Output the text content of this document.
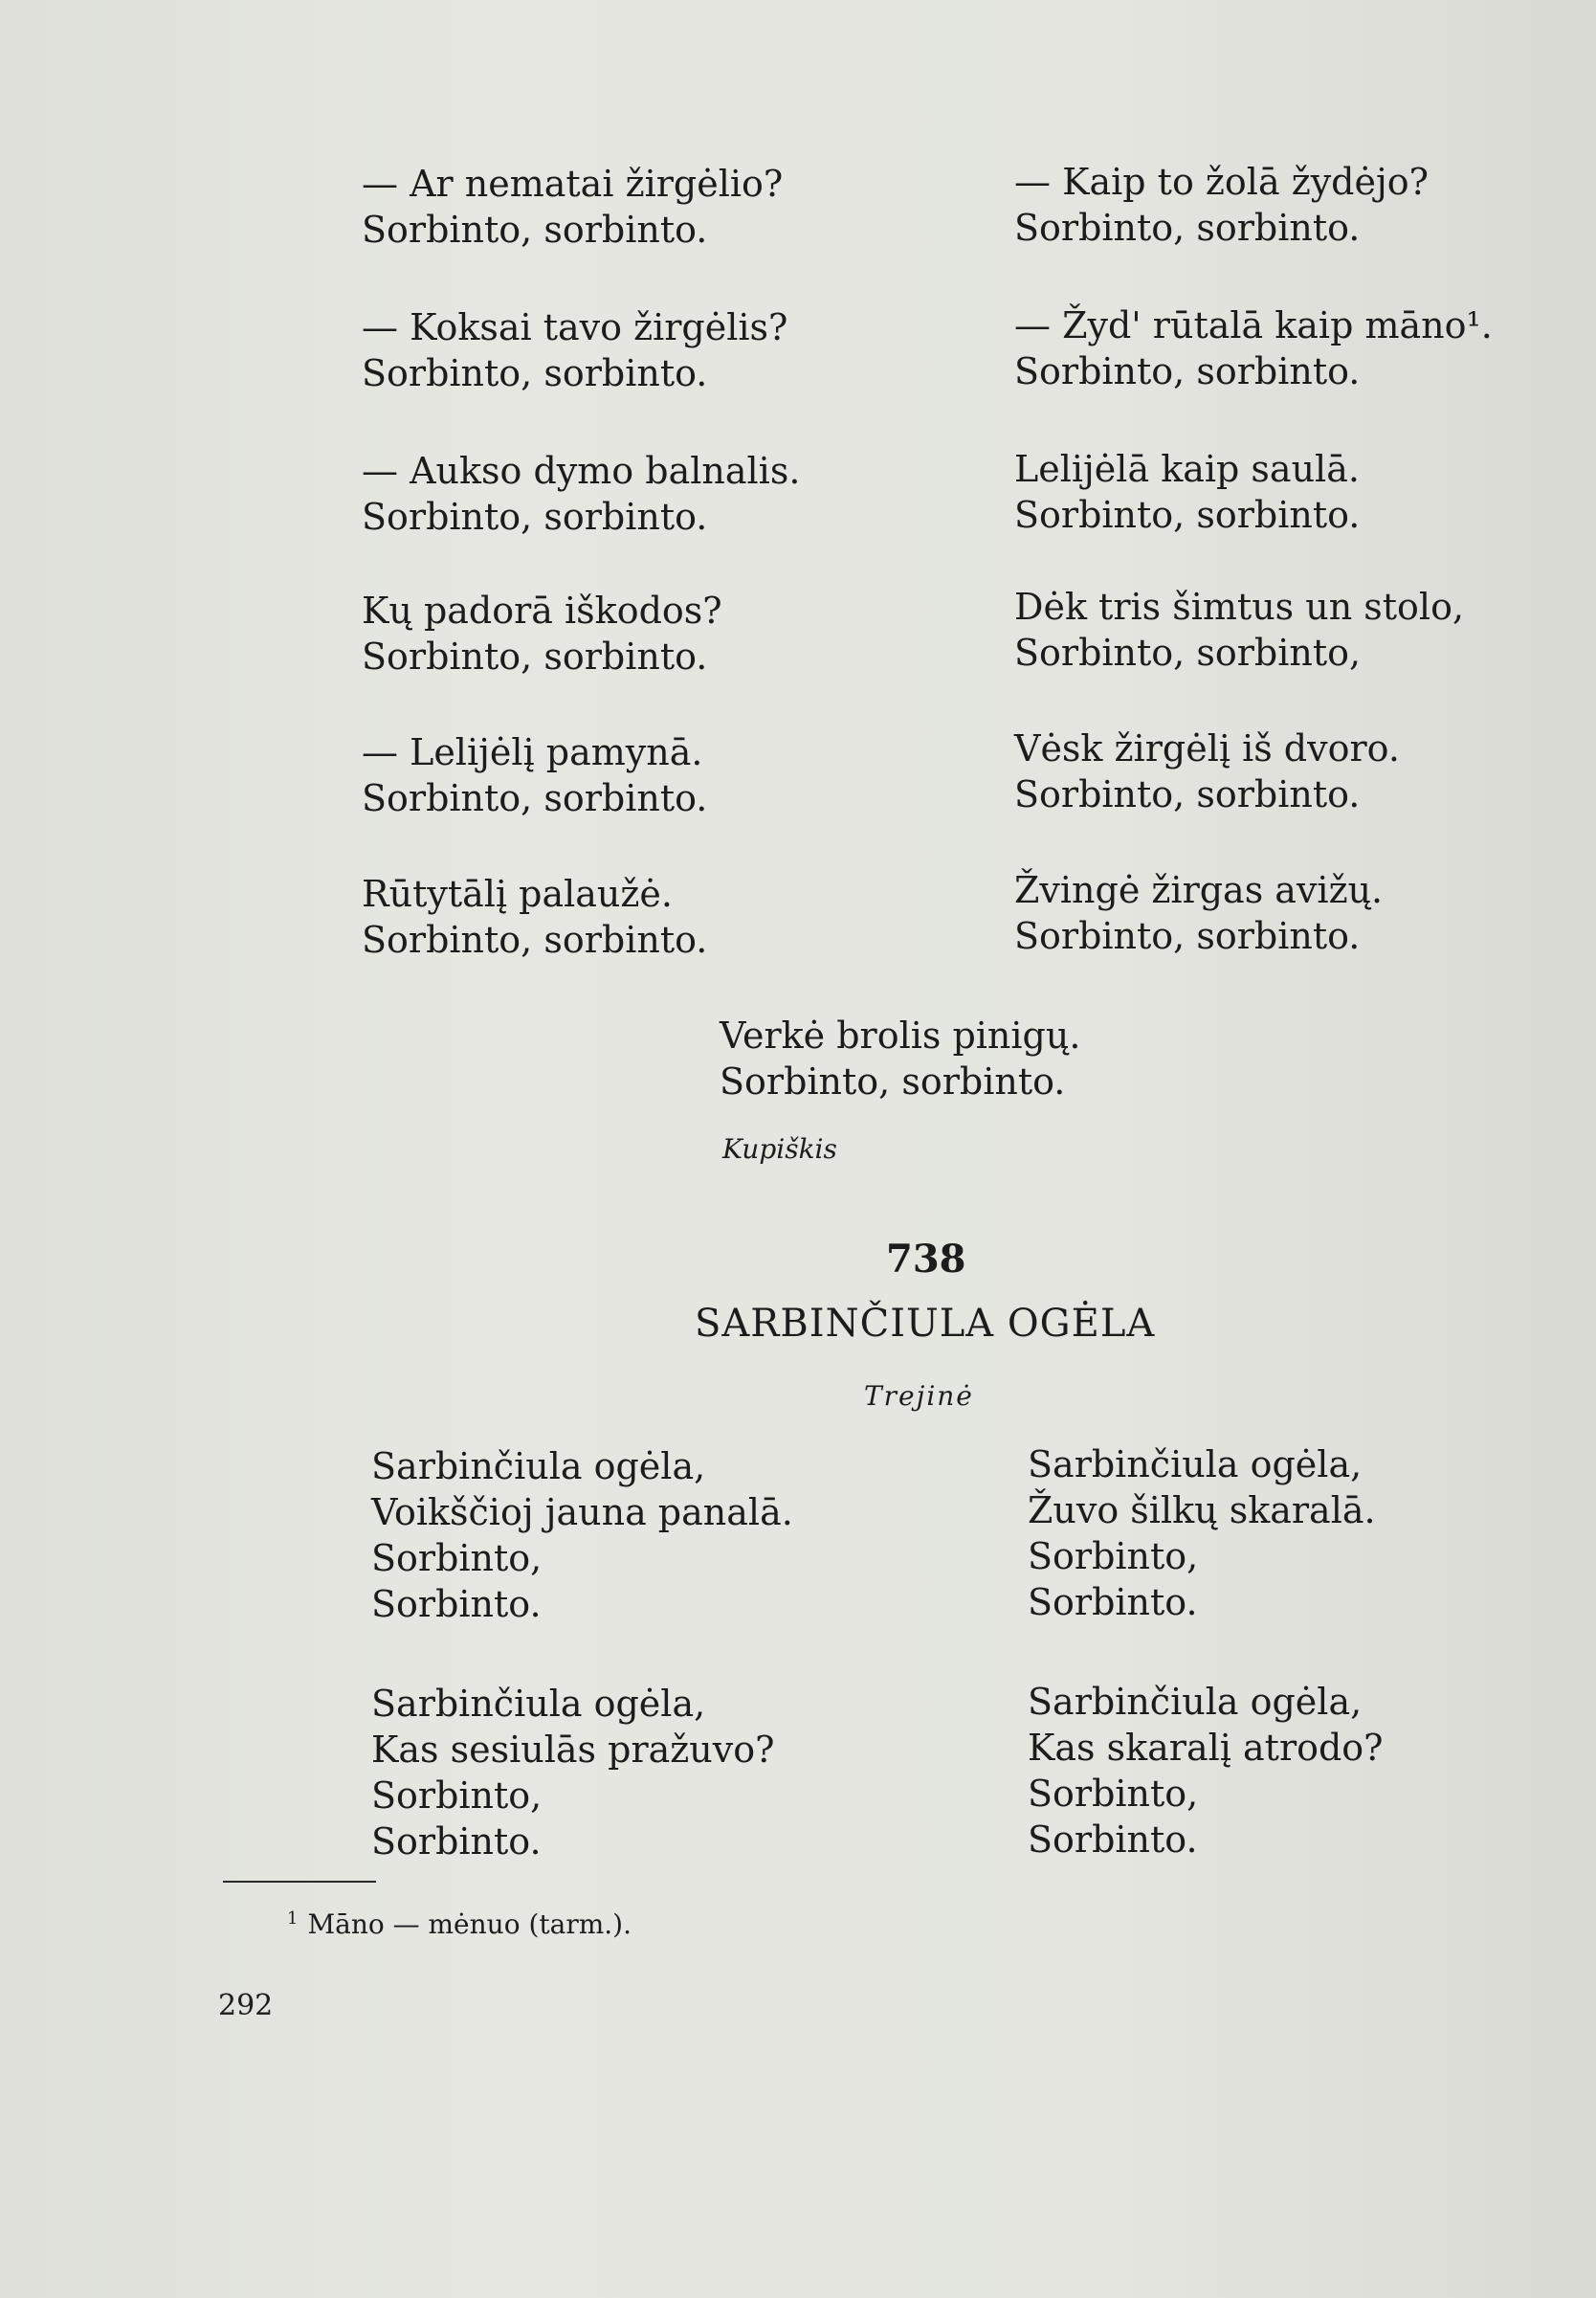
— Ar nematai žirgėlio?
Sorbinto, sorbinto.
— Koksai tavo žirgėlis?
Sorbinto, sorbinto.
— Aukso dymo balnalis.
Sorbinto, sorbinto.
Kų padorā iškodos?
Sorbinto, sorbinto.
— Lelijėlį pamynā.
Sorbinto, sorbinto.
Rūtytālį palaužė.
Sorbinto, sorbinto.
— Kaip to žolā žydėjo?
Sorbinto, sorbinto.
— Žyd' rūtalā kaip māno¹.
Sorbinto, sorbinto.
Lelijėlā kaip saulā.
Sorbinto, sorbinto.
Dėk tris šimtus un stolo,
Sorbinto, sorbinto,
Vėsk žirgėlį iš dvoro.
Sorbinto, sorbinto.
Žvingė žirgas avižų.
Sorbinto, sorbinto.
Verkė brolis pinigų.
Sorbinto, sorbinto.
Kupiškis
738
SARBINČIULA OGĖLA
Trejinė
Sarbinčiula ogėla,
Voikščioj jauna panalā.
Sorbinto,
Sorbinto.
Sarbinčiula ogėla,
Kas sesiulās pražuvo?
Sorbinto,
Sorbinto.
Sarbinčiula ogėla,
Žuvo šilkų skaralā.
Sorbinto,
Sorbinto.
Sarbinčiula ogėla,
Kas skaralį atrodo?
Sorbinto,
Sorbinto.
$^1$ Māno — mėnuo (tarm.).
292
